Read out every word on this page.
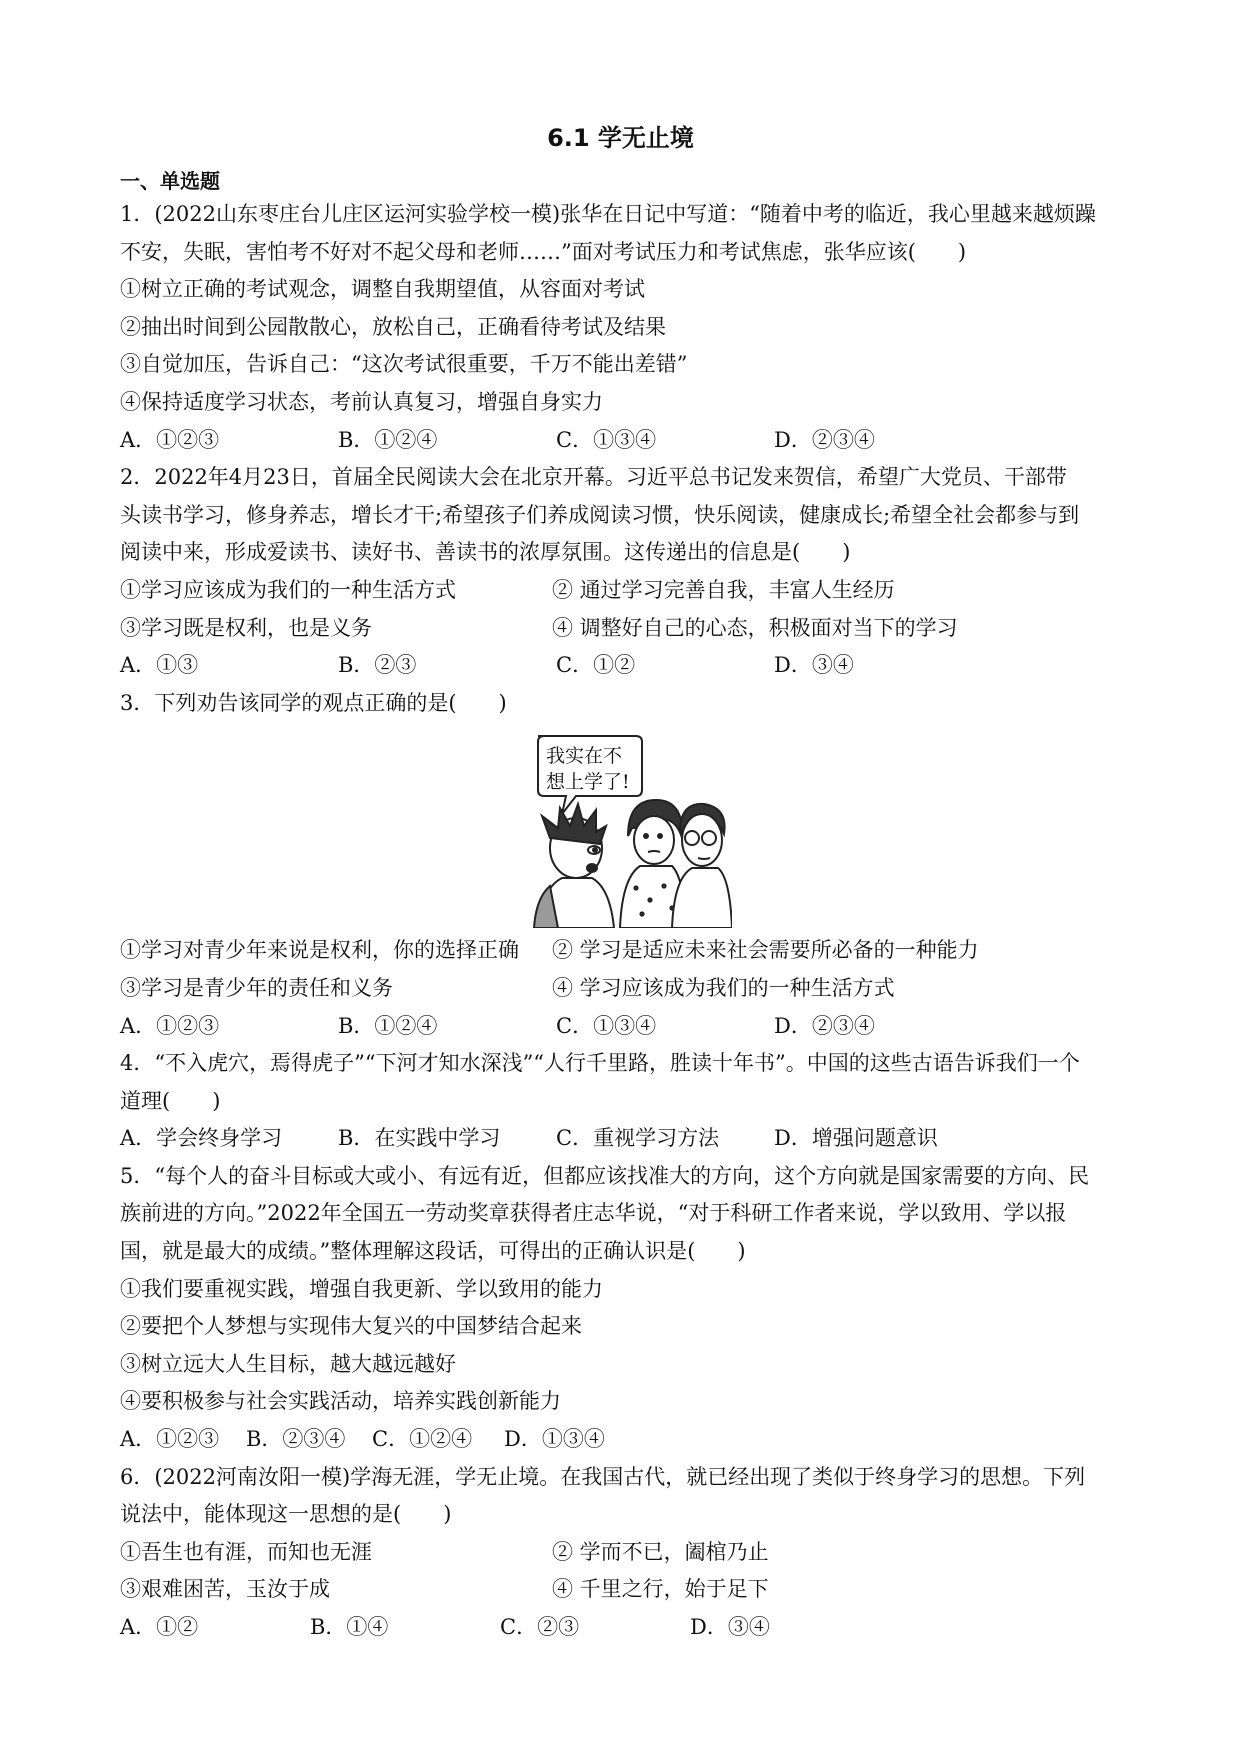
6.1 学无止境
一、单选题
1．(2022山东枣庄台儿庄区运河实验学校一模)张华在日记中写道：“随着中考的临近，我心里越来越烦躁
不安，失眠，害怕考不好对不起父母和老师……”面对考试压力和考试焦虑，张华应该(　　)
①树立正确的考试观念，调整自我期望值，从容面对考试
②抽出时间到公园散散心，放松自己，正确看待考试及结果
③自觉加压，告诉自己：“这次考试很重要，千万不能出差错”
④保持适度学习状态，考前认真复习，增强自身实力
A．①②③	B．①②④	C．①③④	D．②③④
2．2022年4月23日，首届全民阅读大会在北京开幕。习近平总书记发来贺信，希望广大党员、干部带
头读书学习，修身养志，增长才干;希望孩子们养成阅读习惯，快乐阅读，健康成长;希望全社会都参与到
阅读中来，形成爱读书、读好书、善读书的浓厚氛围。这传递出的信息是(　　)
①学习应该成为我们的一种生活方式	② 通过学习完善自我，丰富人生经历
③学习既是权利，也是义务	④ 调整好自己的心态，积极面对当下的学习
A．①③	B．②③	C．①②	D．③④
3．下列劝告该同学的观点正确的是(　　)
我实在不
想上学了!
①学习对青少年来说是权利，你的选择正确 ② 学习是适应未来社会需要所必备的一种能力
③学习是青少年的责任和义务	④ 学习应该成为我们的一种生活方式
A．①②③	B．①②④	C．①③④	D．②③④
4．“不入虎穴，焉得虎子”“下河才知水深浅”“人行千里路，胜读十年书”。中国的这些古语告诉我们一个
道理(　　)
A．学会终身学习	B．在实践中学习	C．重视学习方法	D．增强问题意识
5．“每个人的奋斗目标或大或小、有远有近，但都应该找准大的方向，这个方向就是国家需要的方向、民
族前进的方向。”2022年全国五一劳动奖章获得者庄志华说，“对于科研工作者来说，学以致用、学以报
国，就是最大的成绩。”整体理解这段话，可得出的正确认识是(　　)
①我们要重视实践，增强自我更新、学以致用的能力
②要把个人梦想与实现伟大复兴的中国梦结合起来
③树立远大人生目标，越大越远越好
④要积极参与社会实践活动，培养实践创新能力
A．①②③ B．②③④ C．①②④ D．①③④
6．(2022河南汝阳一模)学海无涯，学无止境。在我国古代，就已经出现了类似于终身学习的思想。下列
说法中，能体现这一思想的是(　　)
①吾生也有涯，而知也无涯	② 学而不已，阖棺乃止
③艰难困苦，玉汝于成	④ 千里之行，始于足下
A．①②	B．①④	C．②③	D．③④
